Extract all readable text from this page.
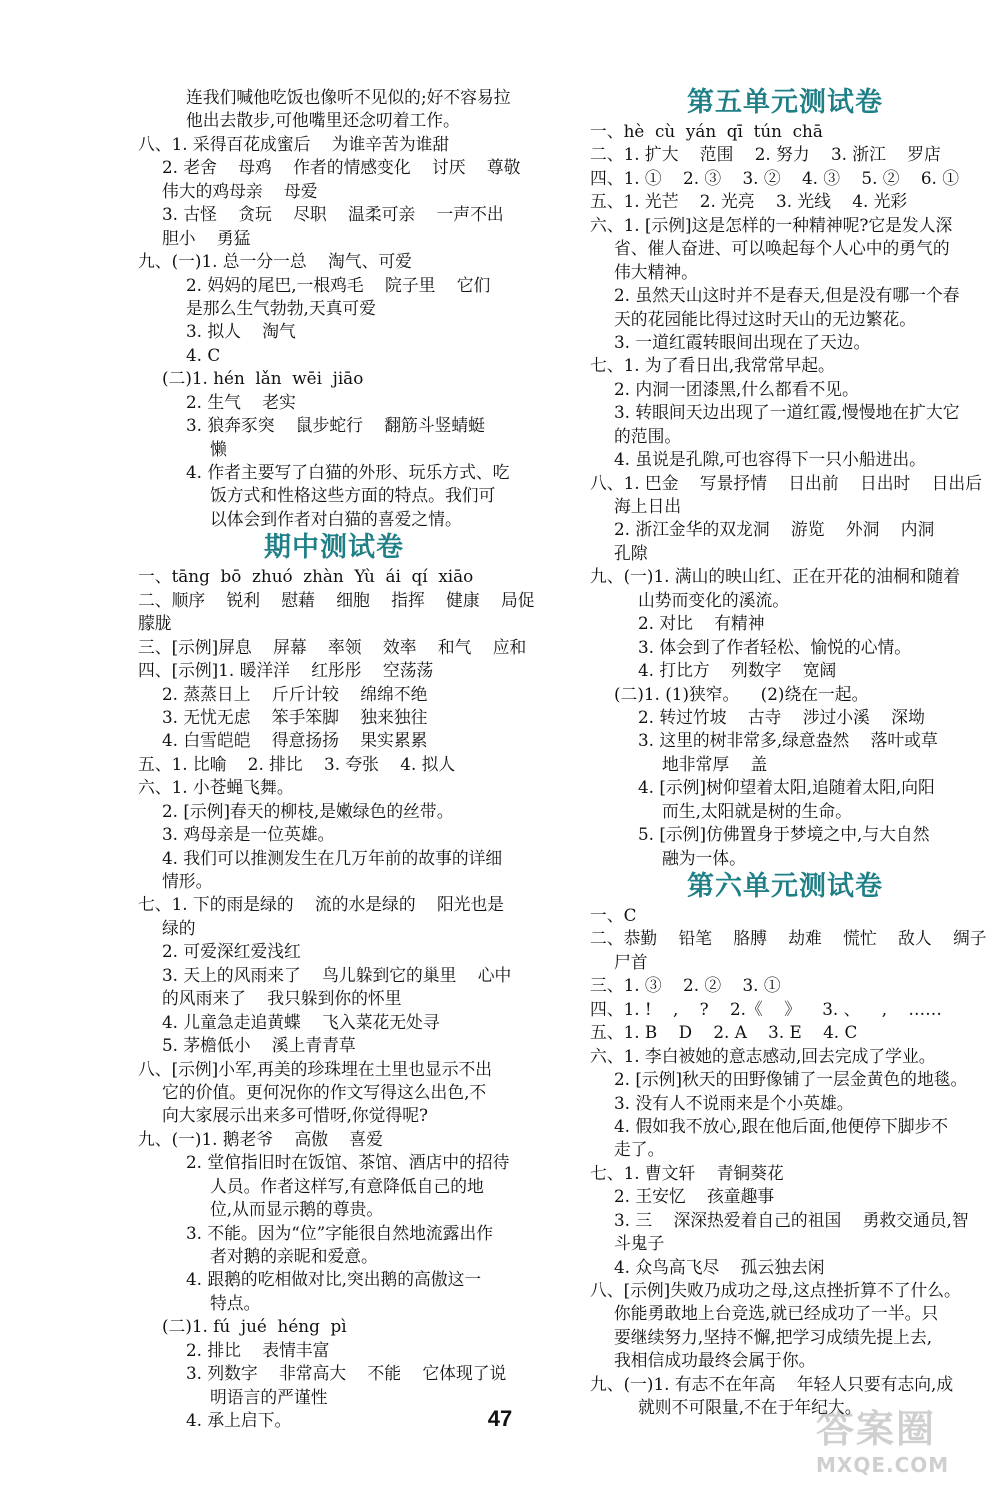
连我们喊他吃饭也像听不见似的;好不容易拉
他出去散步,可他嘴里还念叨着工作。
八、1. 采得百花成蜜后    为谁辛苦为谁甜
2. 老舍    母鸡    作者的情感变化    讨厌    尊敬
伟大的鸡母亲    母爱
3. 古怪    贪玩    尽职    温柔可亲    一声不出
胆小    勇猛
九、(一)1. 总一分一总    淘气、可爱
2. 妈妈的尾巴,一根鸡毛    院子里    它们
是那么生气勃勃,天真可爱
3. 拟人    淘气
4. C
(二)1. hén  lǎn  wēi  jiāo
2. 生气    老实
3. 狼奔豕突    鼠步蛇行    翻筋斗竖蜻蜓
懒
4. 作者主要写了白猫的外形、玩乐方式、吃
饭方式和性格这些方面的特点。我们可
以体会到作者对白猫的喜爱之情。
期中测试卷
一、tāng  bō  zhuó  zhàn  Yù  ái  qí  xiāo
二、顺序    锐利    慰藉    细胞    指挥    健康    局促
朦胧
三、[示例]屏息    屏幕    率领    效率    和气    应和
四、[示例]1. 暖洋洋    红彤彤    空荡荡
2. 蒸蒸日上    斤斤计较    绵绵不绝
3. 无忧无虑    笨手笨脚    独来独往
4. 白雪皑皑    得意扬扬    果实累累
五、1. 比喻    2. 排比    3. 夸张    4. 拟人
六、1. 小苍蝇飞舞。
2. [示例]春天的柳枝,是嫩绿色的丝带。
3. 鸡母亲是一位英雄。
4. 我们可以推测发生在几万年前的故事的详细
情形。
七、1. 下的雨是绿的    流的水是绿的    阳光也是
绿的
2. 可爱深红爱浅红
3. 天上的风雨来了    鸟儿躲到它的巢里    心中
的风雨来了    我只躲到你的怀里
4. 儿童急走追黄蝶    飞入菜花无处寻
5. 茅檐低小    溪上青青草
八、[示例]小军,再美的珍珠埋在土里也显示不出
它的价值。更何况你的作文写得这么出色,不
向大家展示出来多可惜呀,你觉得呢?
九、(一)1. 鹅老爷    高傲    喜爱
2. 堂倌指旧时在饭馆、茶馆、酒店中的招待
人员。作者这样写,有意降低自己的地
位,从而显示鹅的尊贵。
3. 不能。因为“位”字能很自然地流露出作
者对鹅的亲昵和爱意。
4. 跟鹅的吃相做对比,突出鹅的高傲这一
特点。
(二)1. fú  jué  héng  pì
2. 排比    表情丰富
3. 列数字    非常高大    不能    它体现了说
明语言的严谨性
4. 承上启下。
第五单元测试卷
一、hè  cù  yán  qī  tún  chā
二、1. 扩大    范围    2. 努力    3. 浙江    罗店
四、1. ①    2. ③    3. ②    4. ③    5. ②    6. ①
五、1. 光芒    2. 光亮    3. 光线    4. 光彩
六、1. [示例]这是怎样的一种精神呢?它是发人深
省、催人奋进、可以唤起每个人心中的勇气的
伟大精神。
2. 虽然天山这时并不是春天,但是没有哪一个春
天的花园能比得过这时天山的无边繁花。
3. 一道红霞转眼间出现在了天边。
七、1. 为了看日出,我常常早起。
2. 内洞一团漆黑,什么都看不见。
3. 转眼间天边出现了一道红霞,慢慢地在扩大它
的范围。
4. 虽说是孔隙,可也容得下一只小船进出。
八、1. 巴金    写景抒情    日出前    日出时    日出后
海上日出
2. 浙江金华的双龙洞    游览    外洞    内洞
孔隙
九、(一)1. 满山的映山红、正在开花的油桐和随着
山势而变化的溪流。
2. 对比    有精神
3. 体会到了作者轻松、愉悦的心情。
4. 打比方    列数字    宽阔
(二)1. (1)狭窄。    (2)绕在一起。
2. 转过竹坡    古寺    涉过小溪    深坳
3. 这里的树非常多,绿意盎然    落叶或草
地非常厚    盖
4. [示例]树仰望着太阳,追随着太阳,向阳
而生,太阳就是树的生命。
5. [示例]仿佛置身于梦境之中,与大自然
融为一体。
第六单元测试卷
一、C
二、恭勤    铅笔    胳膊    劫难    慌忙    敌人    绸子
尸首
三、1. ③    2. ②    3. ①
四、1. !    ,    ?    2.《    》    3. 、    ,    ……
五、1. B    D    2. A    3. E    4. C
六、1. 李白被她的意志感动,回去完成了学业。
2. [示例]秋天的田野像铺了一层金黄色的地毯。
3. 没有人不说雨来是个小英雄。
4. 假如我不放心,跟在他后面,他便停下脚步不
走了。
七、1. 曹文轩    青铜葵花
2. 王安忆    孩童趣事
3. 三    深深热爱着自己的祖国    勇救交通员,智
斗鬼子
4. 众鸟高飞尽    孤云独去闲
八、[示例]失败乃成功之母,这点挫折算不了什么。
你能勇敢地上台竞选,就已经成功了一半。只
要继续努力,坚持不懈,把学习成绩先提上去,
我相信成功最终会属于你。
九、(一)1. 有志不在年高    年轻人只要有志向,成
就则不可限量,不在于年纪大。
47	答案圈
MXQE.COM
